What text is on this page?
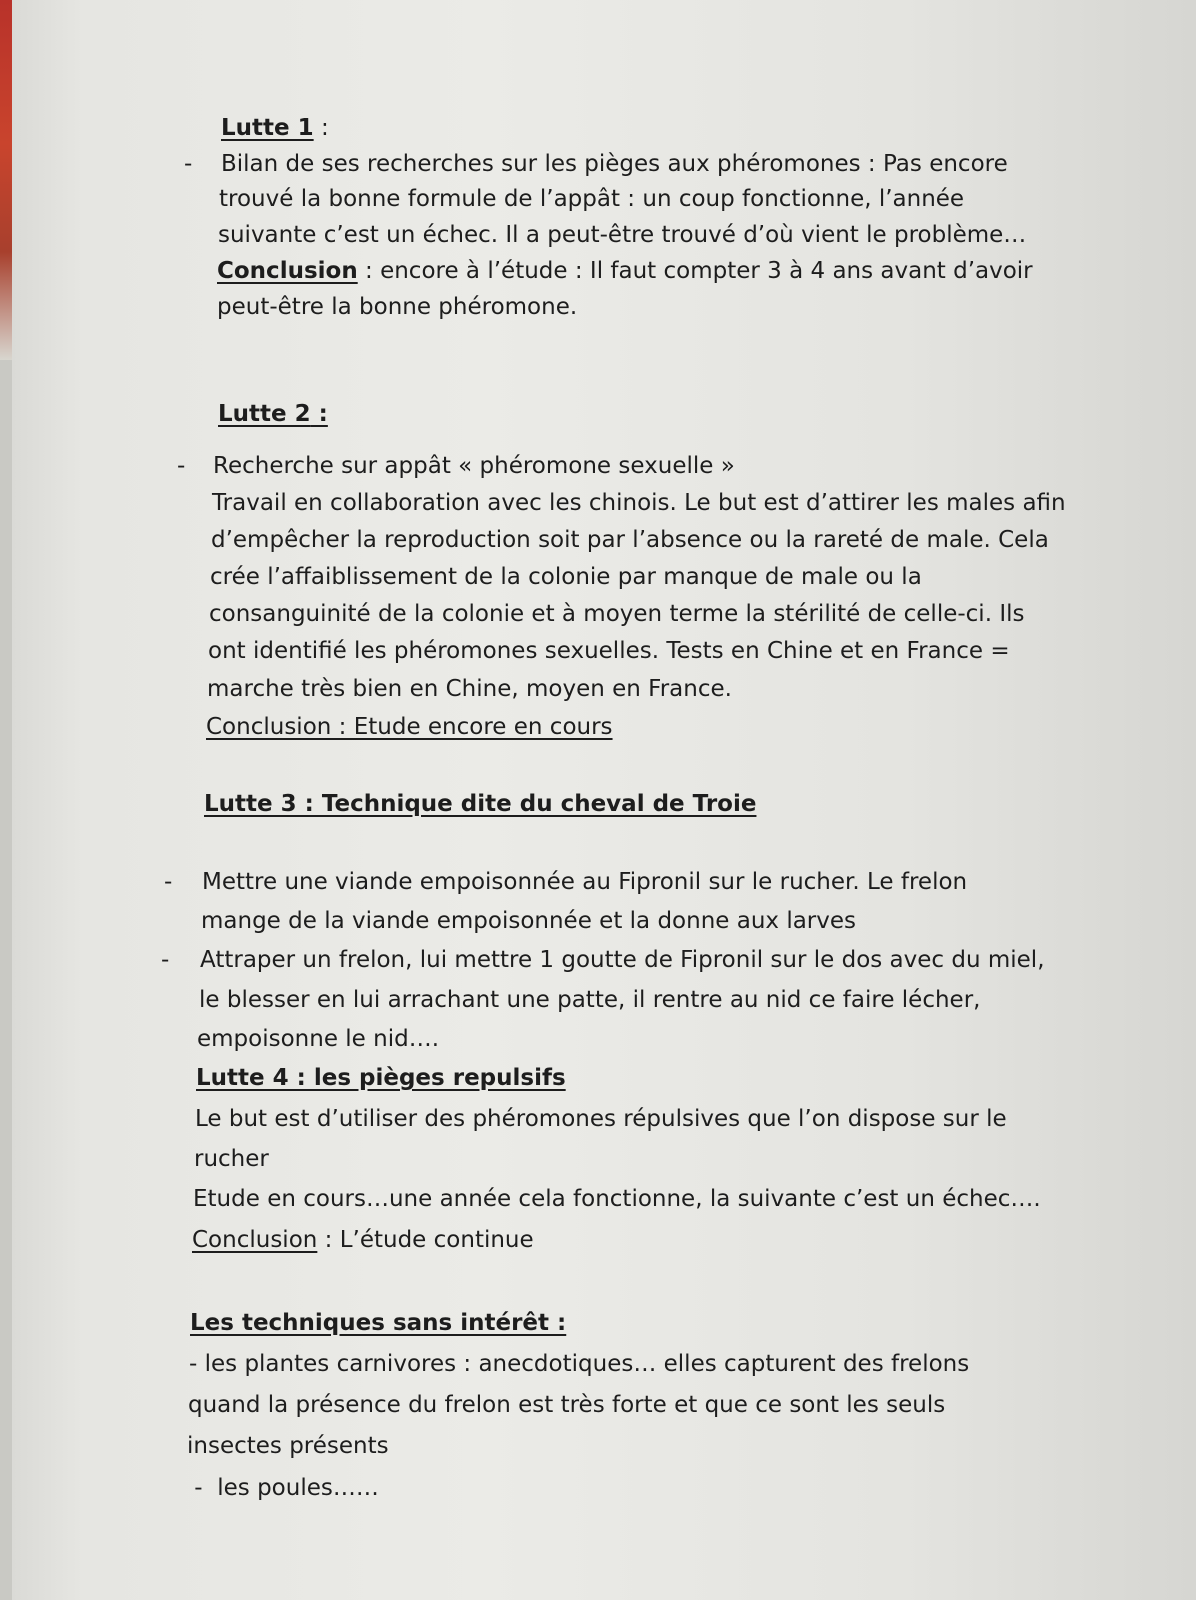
Lutte 1 :
- Bilan de ses recherches sur les pièges aux phéromones : Pas encore
trouvé la bonne formule de l’appât : un coup fonctionne, l’année
suivante c’est un échec. Il a peut-être trouvé d’où vient le problème…
Conclusion : encore à l’étude : Il faut compter 3 à 4 ans avant d’avoir
peut-être la bonne phéromone.
Lutte 2 :
- Recherche sur appât « phéromone sexuelle »
Travail en collaboration avec les chinois. Le but est d’attirer les males afin
d’empêcher la reproduction soit par l’absence ou la rareté de male. Cela
crée l’affaiblissement de la colonie par manque de male ou la
consanguinité de la colonie et à moyen terme la stérilité de celle-ci. Ils
ont identifié les phéromones sexuelles. Tests en Chine et en France =
marche très bien en Chine, moyen en France.
Conclusion : Etude encore en cours
Lutte 3 : Technique dite du cheval de Troie
- Mettre une viande empoisonnée au Fipronil sur le rucher. Le frelon
mange de la viande empoisonnée et la donne aux larves
- Attraper un frelon, lui mettre 1 goutte de Fipronil sur le dos avec du miel,
le blesser en lui arrachant une patte, il rentre au nid ce faire lécher,
empoisonne le nid….
Lutte 4 : les pièges repulsifs
Le but est d’utiliser des phéromones répulsives que l’on dispose sur le
rucher
Etude en cours…une année cela fonctionne, la suivante c’est un échec….
Conclusion : L’étude continue
Les techniques sans intérêt :
- les plantes carnivores : anecdotiques… elles capturent des frelons
quand la présence du frelon est très forte et que ce sont les seuls
insectes présents
-  les poules……
